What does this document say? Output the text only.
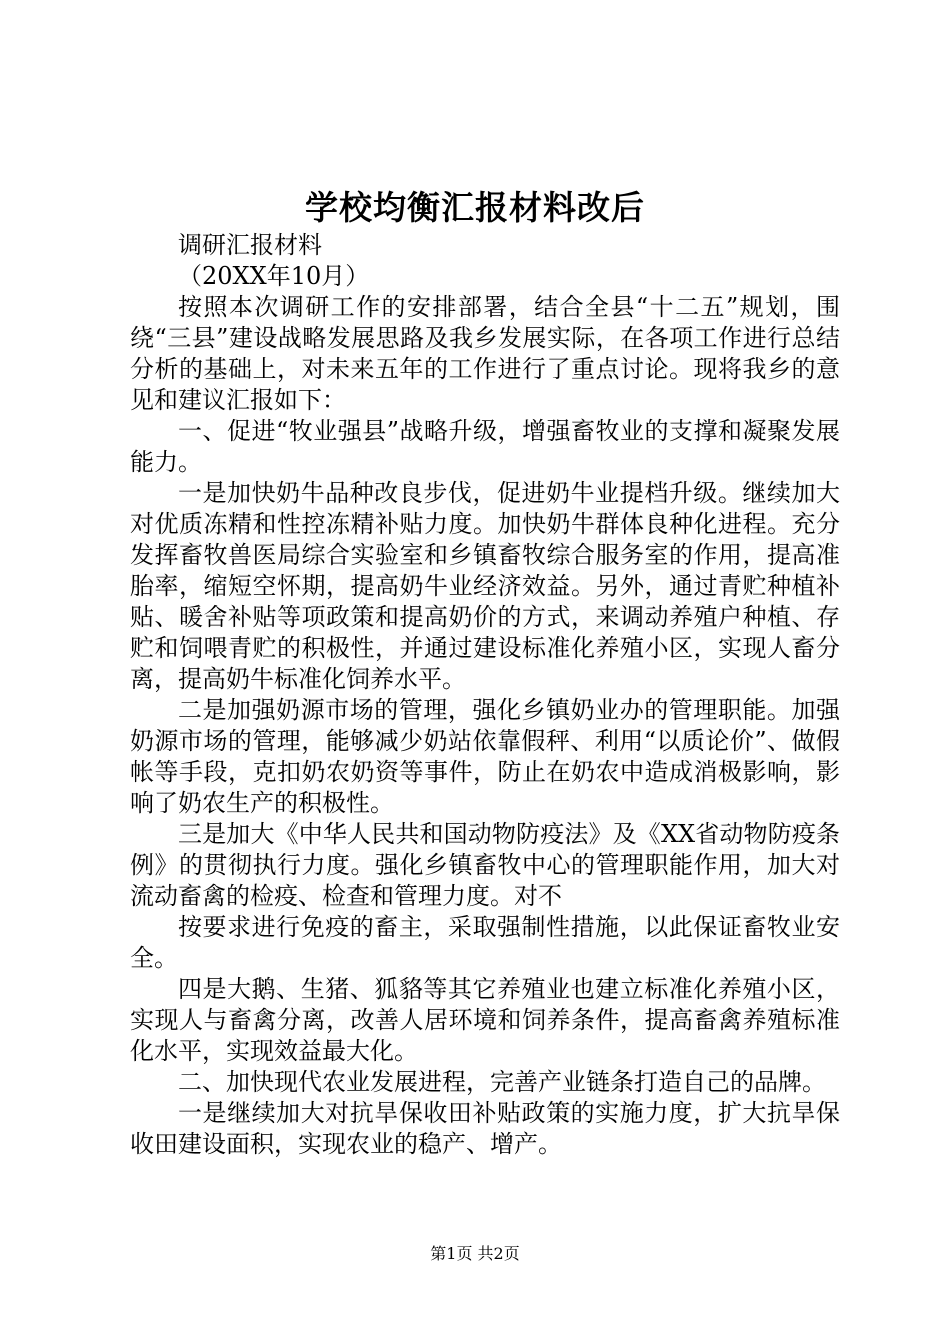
学校均衡汇报材料改后

调研汇报材料

（20XX年10月）

按照本次调研工作的安排部署，结合全县“十二五”规划，围绕“三县”建设战略发展思路及我乡发展实际，在各项工作进行总结分析的基础上，对未来五年的工作进行了重点讨论。现将我乡的意见和建议汇报如下：

一、促进“牧业强县”战略升级，增强畜牧业的支撑和凝聚发展能力。

一是加快奶牛品种改良步伐，促进奶牛业提档升级。继续加大对优质冻精和性控冻精补贴力度。加快奶牛群体良种化进程。充分发挥畜牧兽医局综合实验室和乡镇畜牧综合服务室的作用，提高准胎率，缩短空怀期，提高奶牛业经济效益。另外，通过青贮种植补贴、暖舍补贴等项政策和提高奶价的方式，来调动养殖户种植、存贮和饲喂青贮的积极性，并通过建设标准化养殖小区，实现人畜分离，提高奶牛标准化饲养水平。

二是加强奶源市场的管理，强化乡镇奶业办的管理职能。加强奶源市场的管理，能够减少奶站依靠假秤、利用“以质论价”、做假帐等手段，克扣奶农奶资等事件，防止在奶农中造成消极影响，影响了奶农生产的积极性。

三是加大《中华人民共和国动物防疫法》及《XX省动物防疫条例》的贯彻执行力度。强化乡镇畜牧中心的管理职能作用，加大对流动畜禽的检疫、检查和管理力度。对不

按要求进行免疫的畜主，采取强制性措施，以此保证畜牧业安全。

四是大鹅、生猪、狐貉等其它养殖业也建立标准化养殖小区，实现人与畜禽分离，改善人居环境和饲养条件，提高畜禽养殖标准化水平，实现效益最大化。

二、加快现代农业发展进程，完善产业链条打造自己的品牌。

一是继续加大对抗旱保收田补贴政策的实施力度，扩大抗旱保收田建设面积，实现农业的稳产、增产。

第1页 共2页
